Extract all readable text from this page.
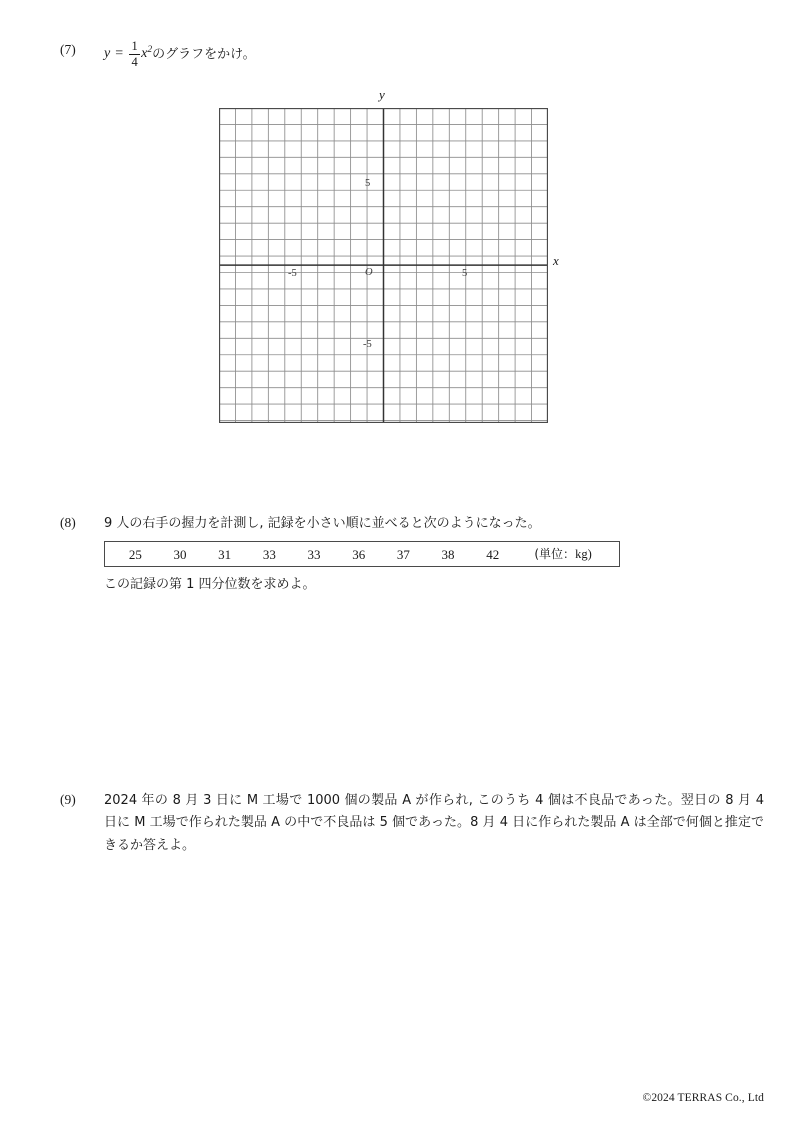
(7)	$y = \frac{1}{4}$ x 2 のグラフをかけ。
y
x
5
-5
5
-5	O
(8)	9 人の右手の握力を計測し, 記録を小さい順に並べると次のようになった。
25	30	31	33	33	36	37	38	42	(単位：kg)
この記録の第 1 四分位数を求めよ。
(9)	2024 年の 8 月 3 日に M 工場で 1000 個の製品 A が作られ, このうち 4 個は不良品であった。翌日の 8 月 4 日に M 工場で作られた製品 A の中で不良品は 5 個であった。8 月 4 日に作られた製品 A は全部で何個と推定できるか答えよ。
©2024 TERRAS Co., Ltd
